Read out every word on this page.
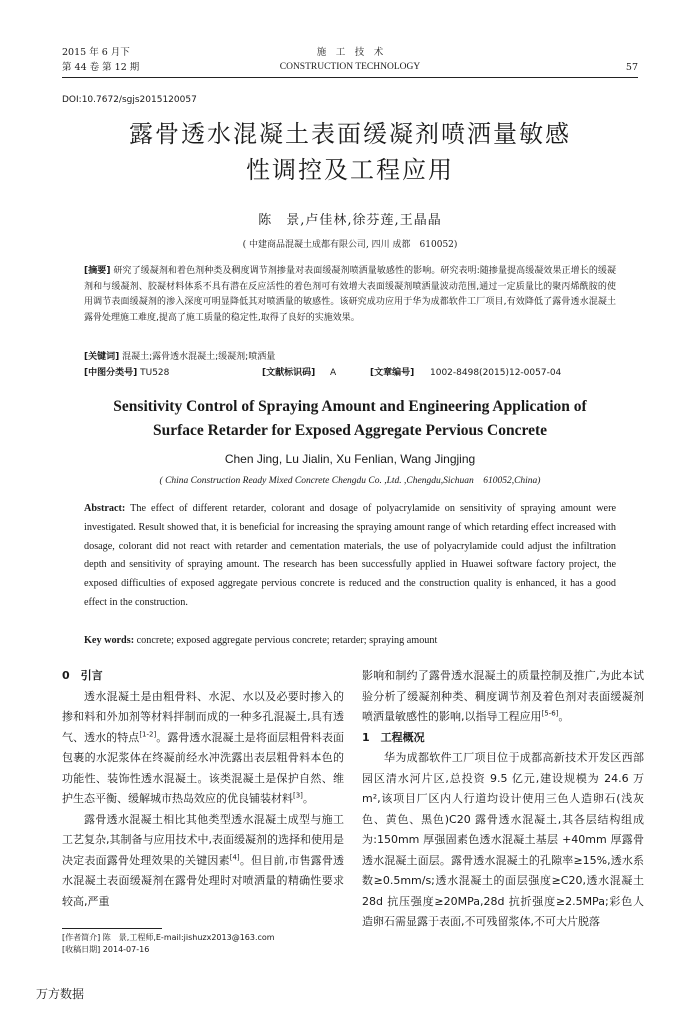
2015 年 6 月下
第 44 卷 第 12 期
施　工　技　术
CONSTRUCTION TECHNOLOGY	57
DOI:10.7672/sgjs2015120057
露骨透水混凝土表面缓凝剂喷洒量敏感
性调控及工程应用
陈　景,卢佳林,徐芬莲,王晶晶
( 中建商品混凝土成都有限公司, 四川 成都　610052)
[摘要] 研究了缓凝剂和着色剂种类及稠度调节剂掺量对表面缓凝剂喷洒量敏感性的影响。研究表明:随掺量提高缓凝效果正增长的缓凝剂和与缓凝剂、胶凝材料体系不具有潜在反应活性的着色剂可有效增大表面缓凝剂喷洒量波动范围,通过一定质量比的聚丙烯酰胺的使用调节表面缓凝剂的渗入深度可明显降低其对喷洒量的敏感性。该研究成功应用于华为成都软件工厂项目,有效降低了露骨透水混凝土露骨处理施工难度,提高了施工质量的稳定性,取得了良好的实施效果。
[关键词] 混凝土;露骨透水混凝土;缓凝剂;喷洒量
[中图分类号] TU528	[文献标识码] A	[文章编号] 1002-8498(2015)12-0057-04
Sensitivity Control of Spraying Amount and Engineering Application of
Surface Retarder for Exposed Aggregate Pervious Concrete
Chen Jing, Lu Jialin, Xu Fenlian, Wang Jingjing
( China Construction Ready Mixed Concrete Chengdu Co. ,Ltd. ,Chengdu,Sichuan　610052,China)
Abstract: The effect of different retarder, colorant and dosage of polyacrylamide on sensitivity of spraying amount were investigated. Result showed that, it is beneficial for increasing the spraying amount range of which retarding effect increased with dosage, colorant did not react with retarder and cementation materials, the use of polyacrylamide could adjust the infiltration depth and sensitivity of spraying amount. The research has been successfully applied in Huawei software factory project, the exposed difficulties of exposed aggregate pervious concrete is reduced and the construction quality is enhanced, it has a good effect in the construction.
Key words: concrete; exposed aggregate pervious concrete; retarder; spraying amount

0　引言

透水混凝土是由粗骨料、水泥、水以及必要时掺入的掺和料和外加剂等材料拌制而成的一种多孔混凝土,具有透气、透水的特点[1-2]。露骨透水混凝土是将面层粗骨料表面包裹的水泥浆体在终凝前经水冲洗露出表层粗骨料本色的功能性、装饰性透水混凝土。该类混凝土是保护自然、维护生态平衡、缓解城市热岛效应的优良铺装材料[3]。

露骨透水混凝土相比其他类型透水混凝土成型与施工工艺复杂,其制备与应用技术中,表面缓凝剂的选择和使用是决定表面露骨处理效果的关键因素[4]。但目前,市售露骨透水混凝土表面缓凝剂在露骨处理时对喷洒量的精确性要求较高,严重

影响和制约了露骨透水混凝土的质量控制及推广,为此本试验分析了缓凝剂种类、稠度调节剂及着色剂对表面缓凝剂喷洒量敏感性的影响,以指导工程应用[5-6]。

1　工程概况

华为成都软件工厂项目位于成都高新技术开发区西部园区清水河片区,总投资 9.5 亿元,建设规模为 24.6 万 m²,该项目厂区内人行道均设计使用三色人造卵石(浅灰色、黄色、黑色)C20 露骨透水混凝土,其各层结构组成为:150mm 厚强固素色透水混凝土基层 +40mm 厚露骨透水混凝土面层。露骨透水混凝土的孔隙率≥15%,透水系数≥0.5mm/s;透水混凝土的面层强度≥C20,透水混凝土 28d 抗压强度≥20MPa,28d 抗折强度≥2.5MPa;彩色人造卵石需显露于表面,不可残留浆体,不可大片脱落

[作者简介] 陈　景,工程师,E-mail:jishuzx2013@163.com
[收稿日期] 2014-07-16
万方数据
